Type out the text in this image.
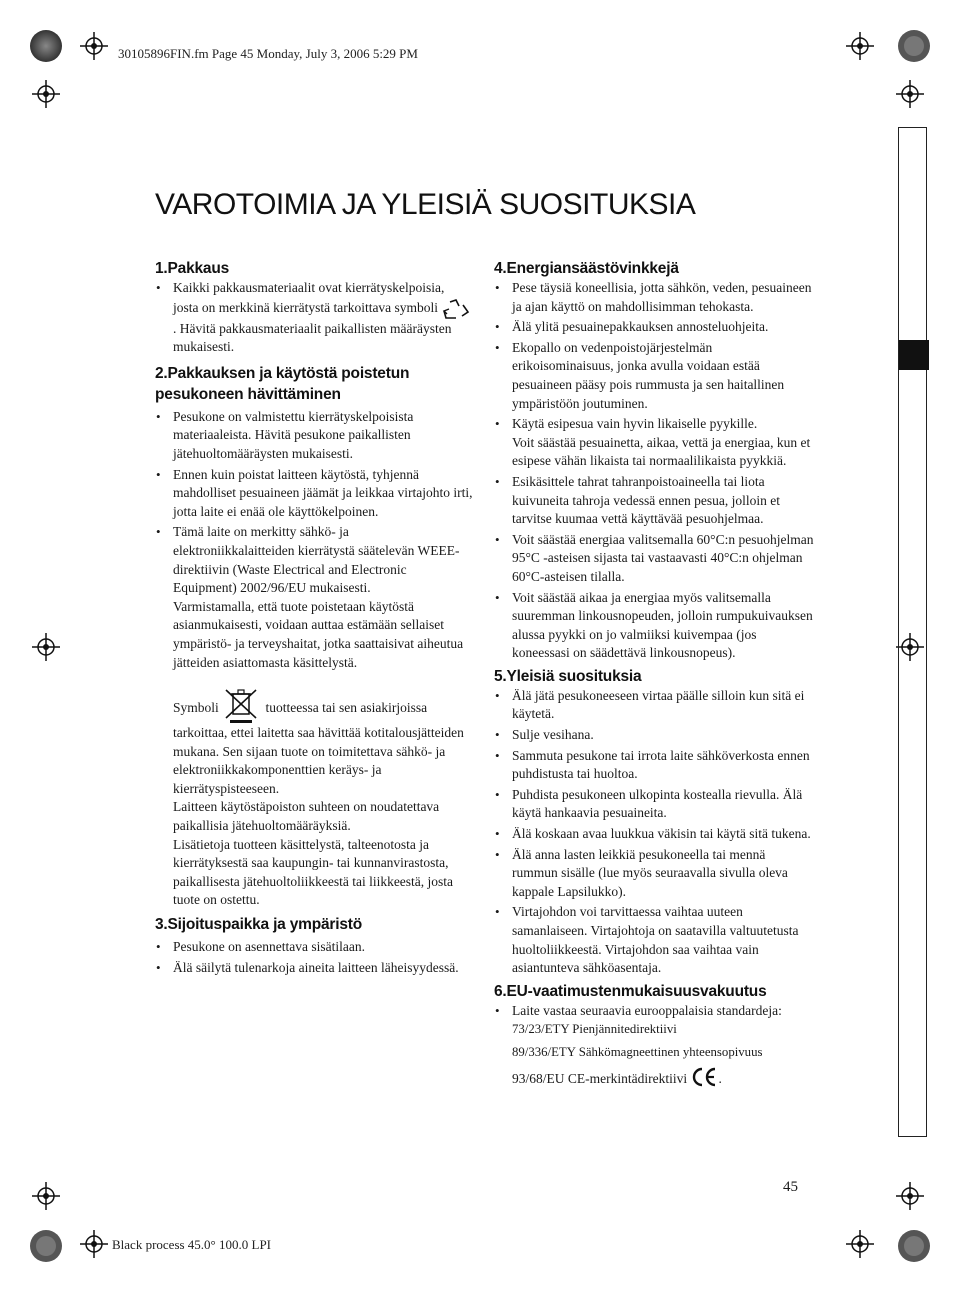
30105896FIN.fm Page 45 Monday, July 3, 2006 5:29 PM
VAROTOIMIA JA YLEISIÄ SUOSITUKSIA
1.Pakkaus
• Kaikki pakkausmateriaalit ovat kierrätyskelpoisia, josta on merkkinä kierrätystä tarkoittava symboli . Hävitä pakkausmateriaalit paikallisten määräysten mukaisesti.
2.Pakkauksen ja käytöstä poistetun pesukoneen hävittäminen
• Pesukone on valmistettu kierrätyskelpoisista materiaaleista. Hävitä pesukone paikallisten jätehuoltomääräysten mukaisesti.
• Ennen kuin poistat laitteen käytöstä, tyhjennä mahdolliset pesuaineen jäämät ja leikkaa virtajohto irti, jotta laite ei enää ole käyttökelpoinen.
• Tämä laite on merkitty sähkö- ja elektroniikkalaitteiden kierrätystä säätelevän WEEE-direktiivin (Waste Electrical and Electronic Equipment) 2002/96/EU mukaisesti.
Varmistamalla, että tuote poistetaan käytöstä asianmukaisesti, voidaan auttaa estämään sellaiset ympäristö- ja terveyshaitat, jotka saattaisivat aiheutua jätteiden asiattomasta käsittelystä.
Symboli	tuotteessa tai sen asiakirjoissa tarkoittaa, ettei laitetta saa hävittää kotitalousjätteiden mukana. Sen sijaan tuote on toimitettava sähkö- ja elektroniikkakomponenttien keräys- ja kierrätyspisteeseen.
Laitteen käytöstäpoiston suhteen on noudatettava paikallisia jätehuoltomääräyksiä.
Lisätietoja tuotteen käsittelystä, talteenotosta ja kierrätyksestä saa kaupungin- tai kunnanvirastosta, paikallisesta jätehuoltoliikkeestä tai liikkeestä, josta tuote on ostettu.
3.Sijoituspaikka ja ympäristö
• Pesukone on asennettava sisätilaan.
• Älä säilytä tulenarkoja aineita laitteen läheisyydessä.
4.Energiansäästövinkkejä
• Pese täysiä koneellisia, jotta sähkön, veden, pesuaineen ja ajan käyttö on mahdollisimman tehokasta.
• Älä ylitä pesuainepakkauksen annosteluohjeita.
• Ekopallo on vedenpoistojärjestelmän erikoisominaisuus, jonka avulla voidaan estää pesuaineen pääsy pois rummusta ja sen haitallinen ympäristöön joutuminen.
• Käytä esipesua vain hyvin likaiselle pyykille.
Voit säästää pesuainetta, aikaa, vettä ja energiaa, kun et esipese vähän likaista tai normaalilikaista pyykkiä.
• Esikäsittele tahrat tahranpoistoaineella tai liota kuivuneita tahroja vedessä ennen pesua, jolloin et tarvitse kuumaa vettä käyttävää pesuohjelmaa.
• Voit säästää energiaa valitsemalla 60°C:n pesuohjelman 95°C -asteisen sijasta tai vastaavasti 40°C:n ohjelman 60°C-asteisen tilalla.
• Voit säästää aikaa ja energiaa myös valitsemalla suuremman linkousnopeuden, jolloin rumpukuivauksen alussa pyykki on jo valmiiksi kuivempaa (jos koneessasi on säädettävä linkousnopeus).
5.Yleisiä suosituksia
• Älä jätä pesukoneeseen virtaa päälle silloin kun sitä ei käytetä.
• Sulje vesihana.
• Sammuta pesukone tai irrota laite sähköverkosta ennen puhdistusta tai huoltoa.
• Puhdista pesukoneen ulkopinta kostealla rievulla. Älä käytä hankaavia pesuaineita.
• Älä koskaan avaa luukkua väkisin tai käytä sitä tukena.
• Älä anna lasten leikkiä pesukoneella tai mennä rummun sisälle (lue myös seuraavalla sivulla oleva kappale Lapsilukko).
• Virtajohdon voi tarvittaessa vaihtaa uuteen samanlaiseen. Virtajohtoja on saatavilla valtuutetusta huoltoliikkeestä. Virtajohdon saa vaihtaa vain asiantunteva sähköasentaja.
6.EU-vaatimustenmukaisuusvakuutus
• Laite vastaa seuraavia eurooppalaisia standardeja:
73/23/ETY Pienjännitedirektiivi
89/336/ETY Sähkömagneettinen yhteensopivuus
93/68/EU CE-merkintädirektiivi .
45
Black process 45.0° 100.0 LPI
